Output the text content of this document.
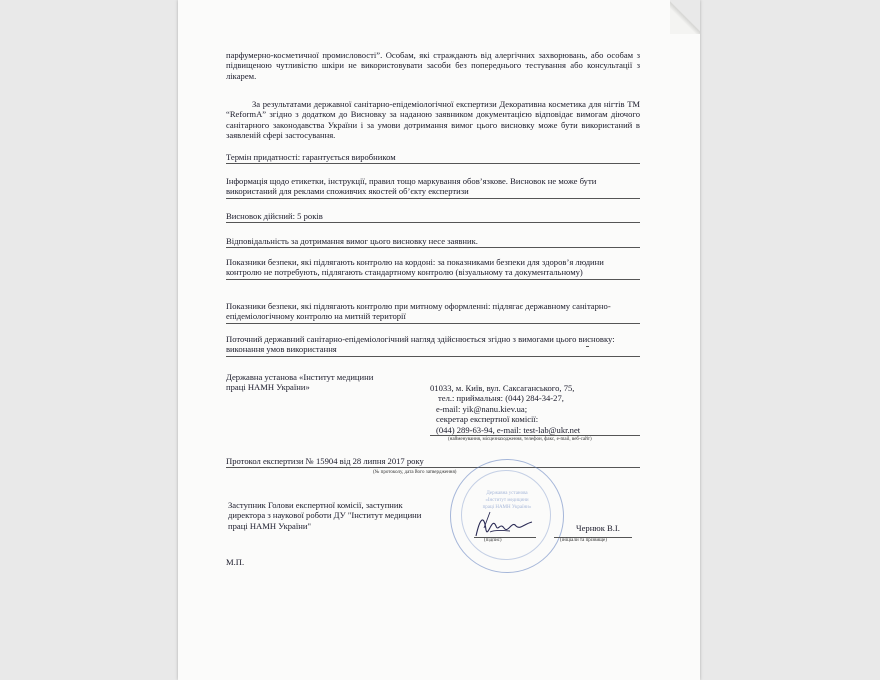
парфумерно-косметичної промисловості”. Особам, які страждають від алергічних захворювань, або особам з підвищеною чутливістю шкіри не використовувати засоби без попереднього тестування або консультації з лікарем.

За результатами державної санітарно-епідеміологічної експертизи Декоративна косметика для нігтів ТМ “ReformA” згідно з додатком до Висновку за наданою заявником документацією відповідає вимогам діючого санітарного законодавства України і за умови дотримання вимог цього висновку може бути використаний в заявленій сфері застосування.

Термін придатності: гарантується виробником
Інформація щодо етикетки, інструкції, правил тощо маркування обов’язкове. Висновок не може бути використаний для реклами споживчих якостей об’єкту експертизи
Висновок дійсний: 5 років
Відповідальність за дотримання вимог цього висновку несе заявник.
Показники безпеки, які підлягають контролю на кордоні: за показниками безпеки для здоров’я людини контролю не потребують, підлягають стандартному контролю (візуальному та документальному)
Показники безпеки, які підлягають контролю при митному оформленні: підлягає державному санітарно-епідеміологічному контролю на митній території
Поточний державний санітарно-епідеміологічний нагляд здійснюється згідно з вимогами цього висновку: виконання умов використання
Державна установа «Інститут медицини праці НАМН України»	01033, м. Київ, вул. Саксаганського, 75,
тел.: приймальня: (044) 284-34-27,
e-mail: yik@nanu.kiev.ua;
секретар експертної комісії:
(044) 289-63-94, e-mail: test-lab@ukr.net
(найменування, місцезнаходження, телефон, факс, e-mail, веб-сайт)
Протокол експертизи № 15904 від 28 липня 2017 року
(№ протоколу, дата його затвердження)
Державна установа «Інститут медицини праці НАМН України»
Заступник Голови експертної комісії, заступник директора з наукової роботи ДУ "Інститут медицини праці НАМН України"	Чернюк В.І.
(підпис)	(ініціали та прізвище)
М.П.
